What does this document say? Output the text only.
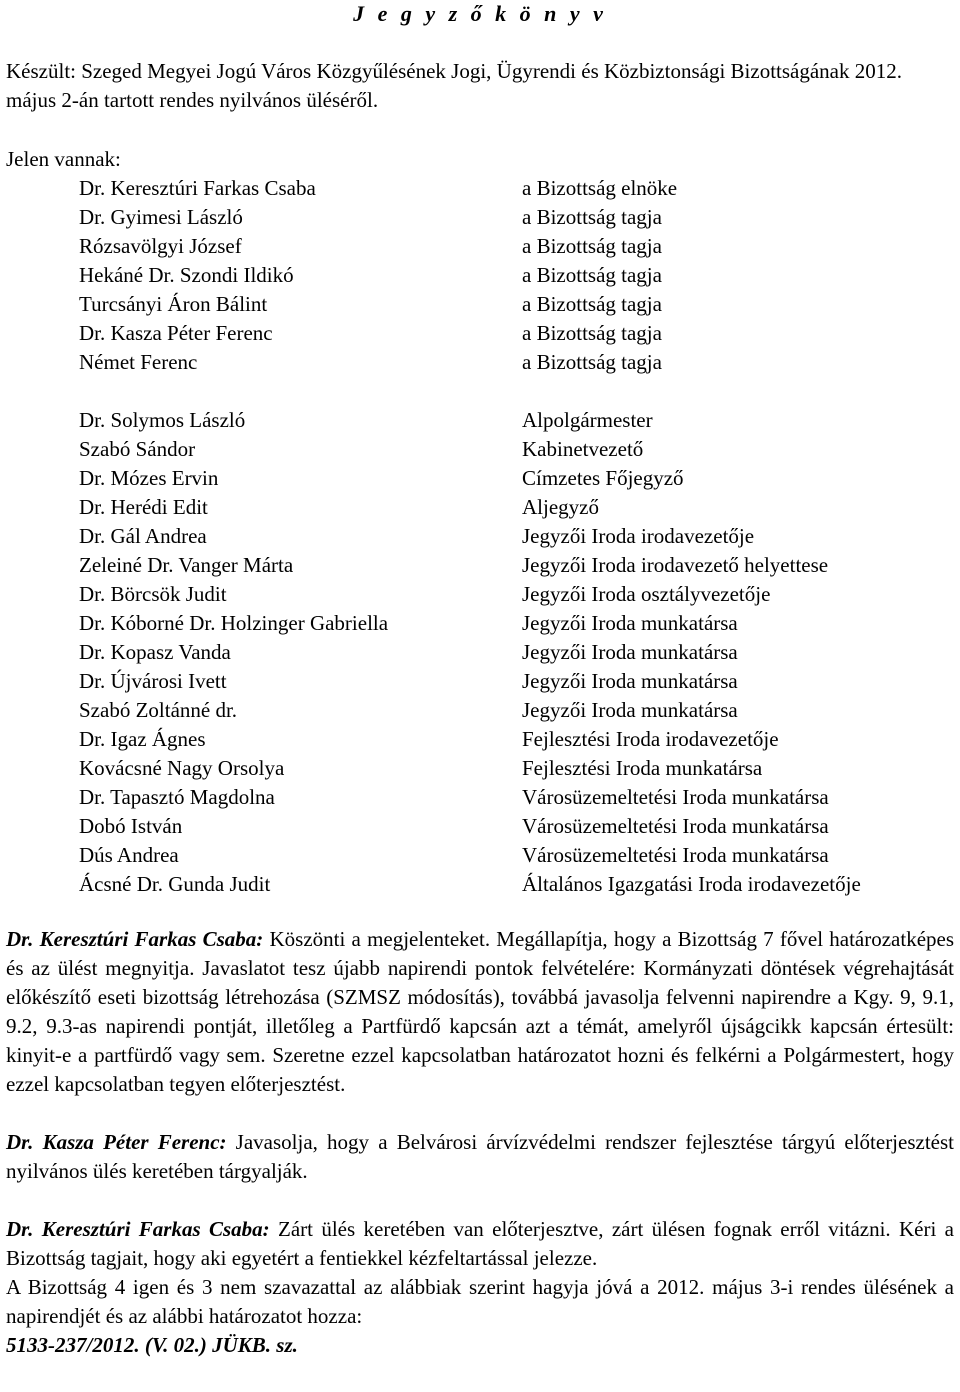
J e g y z ő k ö n y v
Készült: Szeged Megyei Jogú Város Közgyűlésének Jogi, Ügyrendi és Közbiztonsági Bizottságának 2012. május 2-án tartott rendes nyilvános üléséről.
Jelen vannak:
Dr. Keresztúri Farkas Csaba	a Bizottság elnöke
Dr. Gyimesi László	a Bizottság tagja
Rózsavölgyi József	a Bizottság tagja
Hekáné Dr. Szondi Ildikó	a Bizottság tagja
Turcsányi Áron Bálint	a Bizottság tagja
Dr. Kasza Péter Ferenc	a Bizottság tagja
Német Ferenc	a Bizottság tagja
Dr. Solymos László	Alpolgármester
Szabó Sándor	Kabinetvezető
Dr. Mózes Ervin	Címzetes Főjegyző
Dr. Herédi Edit	Aljegyző
Dr. Gál Andrea	Jegyzői Iroda irodavezetője
Zeleiné Dr. Vanger Márta	Jegyzői Iroda irodavezető helyettese
Dr. Börcsök Judit	Jegyzői Iroda osztályvezetője
Dr. Kóborné Dr. Holzinger Gabriella	Jegyzői Iroda munkatársa
Dr. Kopasz Vanda	Jegyzői Iroda munkatársa
Dr. Újvárosi Ivett	Jegyzői Iroda munkatársa
Szabó Zoltánné dr.	Jegyzői Iroda munkatársa
Dr. Igaz Ágnes	Fejlesztési Iroda irodavezetője
Kovácsné Nagy Orsolya	Fejlesztési Iroda munkatársa
Dr. Tapasztó Magdolna	Városüzemeltetési Iroda munkatársa
Dobó István	Városüzemeltetési Iroda munkatársa
Dús Andrea	Városüzemeltetési Iroda munkatársa
Ácsné Dr. Gunda Judit	Általános Igazgatási Iroda irodavezetője

Dr. Keresztúri Farkas Csaba: Köszönti a megjelenteket. Megállapítja, hogy a Bizottság 7 fővel határozatképes és az ülést megnyitja. Javaslatot tesz újabb napirendi pontok felvételére: Kormányzati döntések végrehajtását előkészítő eseti bizottság létrehozása (SZMSZ módosítás), továbbá javasolja felvenni napirendre a Kgy. 9, 9.1, 9.2, 9.3-as napirendi pontját, illetőleg a Partfürdő kapcsán azt a témát, amelyről újságcikk kapcsán értesült: kinyit-e a partfürdő vagy sem. Szeretne ezzel kapcsolatban határozatot hozni és felkérni a Polgármestert, hogy ezzel kapcsolatban tegyen előterjesztést.

Dr. Kasza Péter Ferenc: Javasolja, hogy a Belvárosi árvízvédelmi rendszer fejlesztése tárgyú előterjesztést nyilvános ülés keretében tárgyalják.

Dr. Keresztúri Farkas Csaba: Zárt ülés keretében van előterjesztve, zárt ülésen fognak erről vitázni. Kéri a Bizottság tagjait, hogy aki egyetért a fentiekkel kézfeltartással jelezze.

A Bizottság 4 igen és 3 nem szavazattal az alábbiak szerint hagyja jóvá a 2012. május 3-i rendes ülésének a napirendjét és az alábbi határozatot hozza:

5133-237/2012. (V. 02.) JÜKB. sz.
